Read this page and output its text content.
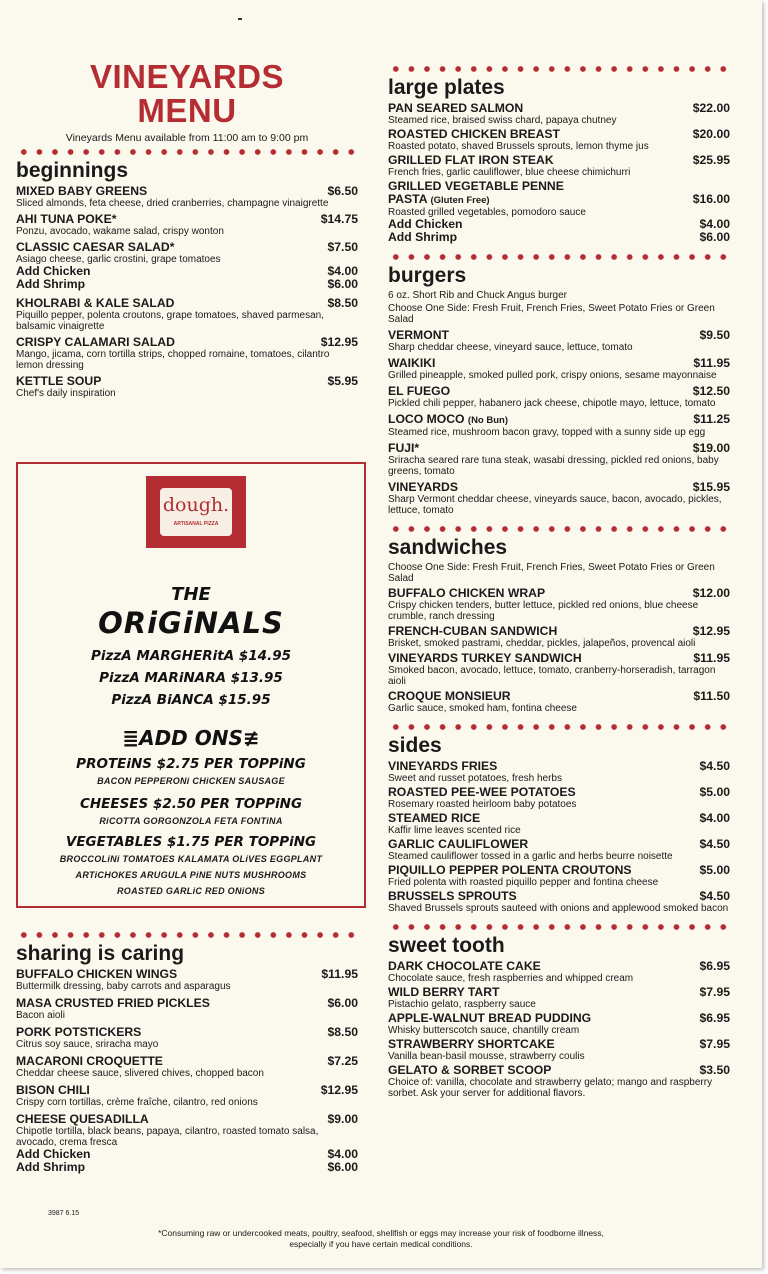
VINEYARDS
MENU
Vineyards Menu available from 11:00 am to 9:00 pm
beginnings
MIXED BABY GREENS	$6.50
Sliced almonds, feta cheese, dried cranberries, champagne vinaigrette
AHI TUNA POKE*	$14.75
Ponzu, avocado, wakame salad, crispy wonton
CLASSIC CAESAR SALAD*	$7.50
Asiago cheese, garlic crostini, grape tomatoes
Add Chicken	$4.00
Add Shrimp	$6.00
KHOLRABI & KALE SALAD	$8.50
Piquillo pepper, polenta croutons, grape tomatoes, shaved parmesan, balsamic vinaigrette
CRISPY CALAMARI SALAD	$12.95
Mango, jicama, corn tortilla strips, chopped romaine, tomatoes, cilantro lemon dressing
KETTLE SOUP	$5.95
Chef's daily inspiration
dough.
ARTISANAL PIZZA
THE
ORiGiNALS
PizzA MARGHERitA $14.95
PizzA MARiNARA $13.95
PizzA BiANCA $15.95
≣ADD ONS≢
PROTEiNS $2.75 PER TOPPiNG
BACON PEPPERONi CHiCKEN SAUSAGE
CHEESES $2.50 PER TOPPiNG
RiCOTTA GORGONZOLA FETA FONTiNA
VEGETABLES $1.75 PER TOPPiNG
BROCCOLiNi TOMATOES KALAMATA OLiVES EGGPLANT
ARTiCHOKES ARUGULA PiNE NUTS MUSHROOMS
ROASTED GARLiC RED ONiONS
sharing is caring
BUFFALO CHICKEN WINGS	$11.95
Buttermilk dressing, baby carrots and asparagus
MASA CRUSTED FRIED PICKLES	$6.00
Bacon aioli
PORK POTSTICKERS	$8.50
Citrus soy sauce, sriracha mayo
MACARONI CROQUETTE	$7.25
Cheddar cheese sauce, slivered chives, chopped bacon
BISON CHILI	$12.95
Crispy corn tortillas, crème fraîche, cilantro, red onions
CHEESE QUESADILLA	$9.00
Chipotle tortilla, black beans, papaya, cilantro, roasted tomato salsa, avocado, crema fresca
Add Chicken	$4.00
Add Shrimp	$6.00
large plates
PAN SEARED SALMON	$22.00
Steamed rice, braised swiss chard, papaya chutney
ROASTED CHICKEN BREAST	$20.00
Roasted potato, shaved Brussels sprouts, lemon thyme jus
GRILLED FLAT IRON STEAK	$25.95
French fries, garlic cauliflower, blue cheese chimichurri
GRILLED VEGETABLE PENNE
PASTA (Gluten Free)	$16.00
Roasted grilled vegetables, pomodoro sauce
Add Chicken	$4.00
Add Shrimp	$6.00
burgers
6 oz. Short Rib and Chuck Angus burger
Choose One Side: Fresh Fruit, French Fries, Sweet Potato Fries or Green Salad
VERMONT	$9.50
Sharp cheddar cheese, vineyard sauce, lettuce, tomato
WAIKIKI	$11.95
Grilled pineapple, smoked pulled pork, crispy onions, sesame mayonnaise
EL FUEGO	$12.50
Pickled chili pepper, habanero jack cheese, chipotle mayo, lettuce, tomato
LOCO MOCO (No Bun)	$11.25
Steamed rice, mushroom bacon gravy, topped with a sunny side up egg
FUJI*	$19.00
Sriracha seared rare tuna steak, wasabi dressing, pickled red onions, baby greens, tomato
VINEYARDS	$15.95
Sharp Vermont cheddar cheese, vineyards sauce, bacon, avocado, pickles, lettuce, tomato
sandwiches
Choose One Side: Fresh Fruit, French Fries, Sweet Potato Fries or Green Salad
BUFFALO CHICKEN WRAP	$12.00
Crispy chicken tenders, butter lettuce, pickled red onions, blue cheese crumble, ranch dressing
FRENCH-CUBAN SANDWICH	$12.95
Brisket, smoked pastrami, cheddar, pickles, jalapeños, provencal aioli
VINEYARDS TURKEY SANDWICH	$11.95
Smoked bacon, avocado, lettuce, tomato, cranberry-horseradish, tarragon aioli
CROQUE MONSIEUR	$11.50
Garlic sauce, smoked ham, fontina cheese
sides
VINEYARDS FRIES	$4.50
Sweet and russet potatoes, fresh herbs
ROASTED PEE-WEE POTATOES	$5.00
Rosemary roasted heirloom baby potatoes
STEAMED RICE	$4.00
Kaffir lime leaves scented rice
GARLIC CAULIFLOWER	$4.50
Steamed cauliflower tossed in a garlic and herbs beurre noisette
PIQUILLO PEPPER POLENTA CROUTONS	$5.00
Fried polenta with roasted piquillo pepper and fontina cheese
BRUSSELS SPROUTS	$4.50
Shaved Brussels sprouts sauteed with onions and applewood smoked bacon
sweet tooth
DARK CHOCOLATE CAKE	$6.95
Chocolate sauce, fresh raspberries and whipped cream
WILD BERRY TART	$7.95
Pistachio gelato, raspberry sauce
APPLE-WALNUT BREAD PUDDING	$6.95
Whisky butterscotch sauce, chantilly cream
STRAWBERRY SHORTCAKE	$7.95
Vanilla bean-basil mousse, strawberry coulis
GELATO & SORBET SCOOP	$3.50
Choice of: vanilla, chocolate and strawberry gelato; mango and raspberry sorbet. Ask your server for additional flavors.
3987 6.15
*Consuming raw or undercooked meats, poultry, seafood, shellfish or eggs may increase your risk of foodborne illness,
especially if you have certain medical conditions.
